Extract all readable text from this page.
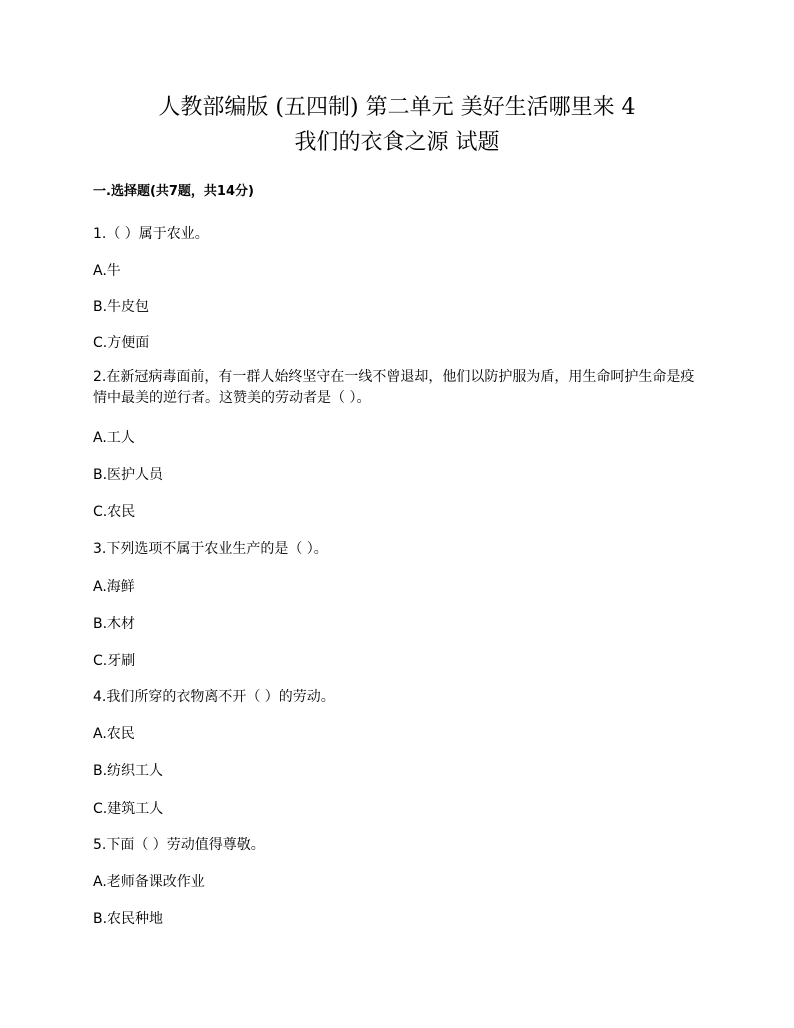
人教部编版 (五四制) 第二单元 美好生活哪里来 4
我们的衣食之源 试题
一.选择题(共7题，共14分)
1.（ ）属于农业。
A.牛
B.牛皮包
C.方便面
2.在新冠病毒面前，有一群人始终坚守在一线不曾退却，他们以防护服为盾，用生命呵护生命是疫情中最美的逆行者。这赞美的劳动者是（ ）。
A.工人
B.医护人员
C.农民
3.下列选项不属于农业生产的是（ ）。
A.海鲜
B.木材
C.牙刷
4.我们所穿的衣物离不开（ ）的劳动。
A.农民
B.纺织工人
C.建筑工人
5.下面（ ）劳动值得尊敬。
A.老师备课改作业
B.农民种地
